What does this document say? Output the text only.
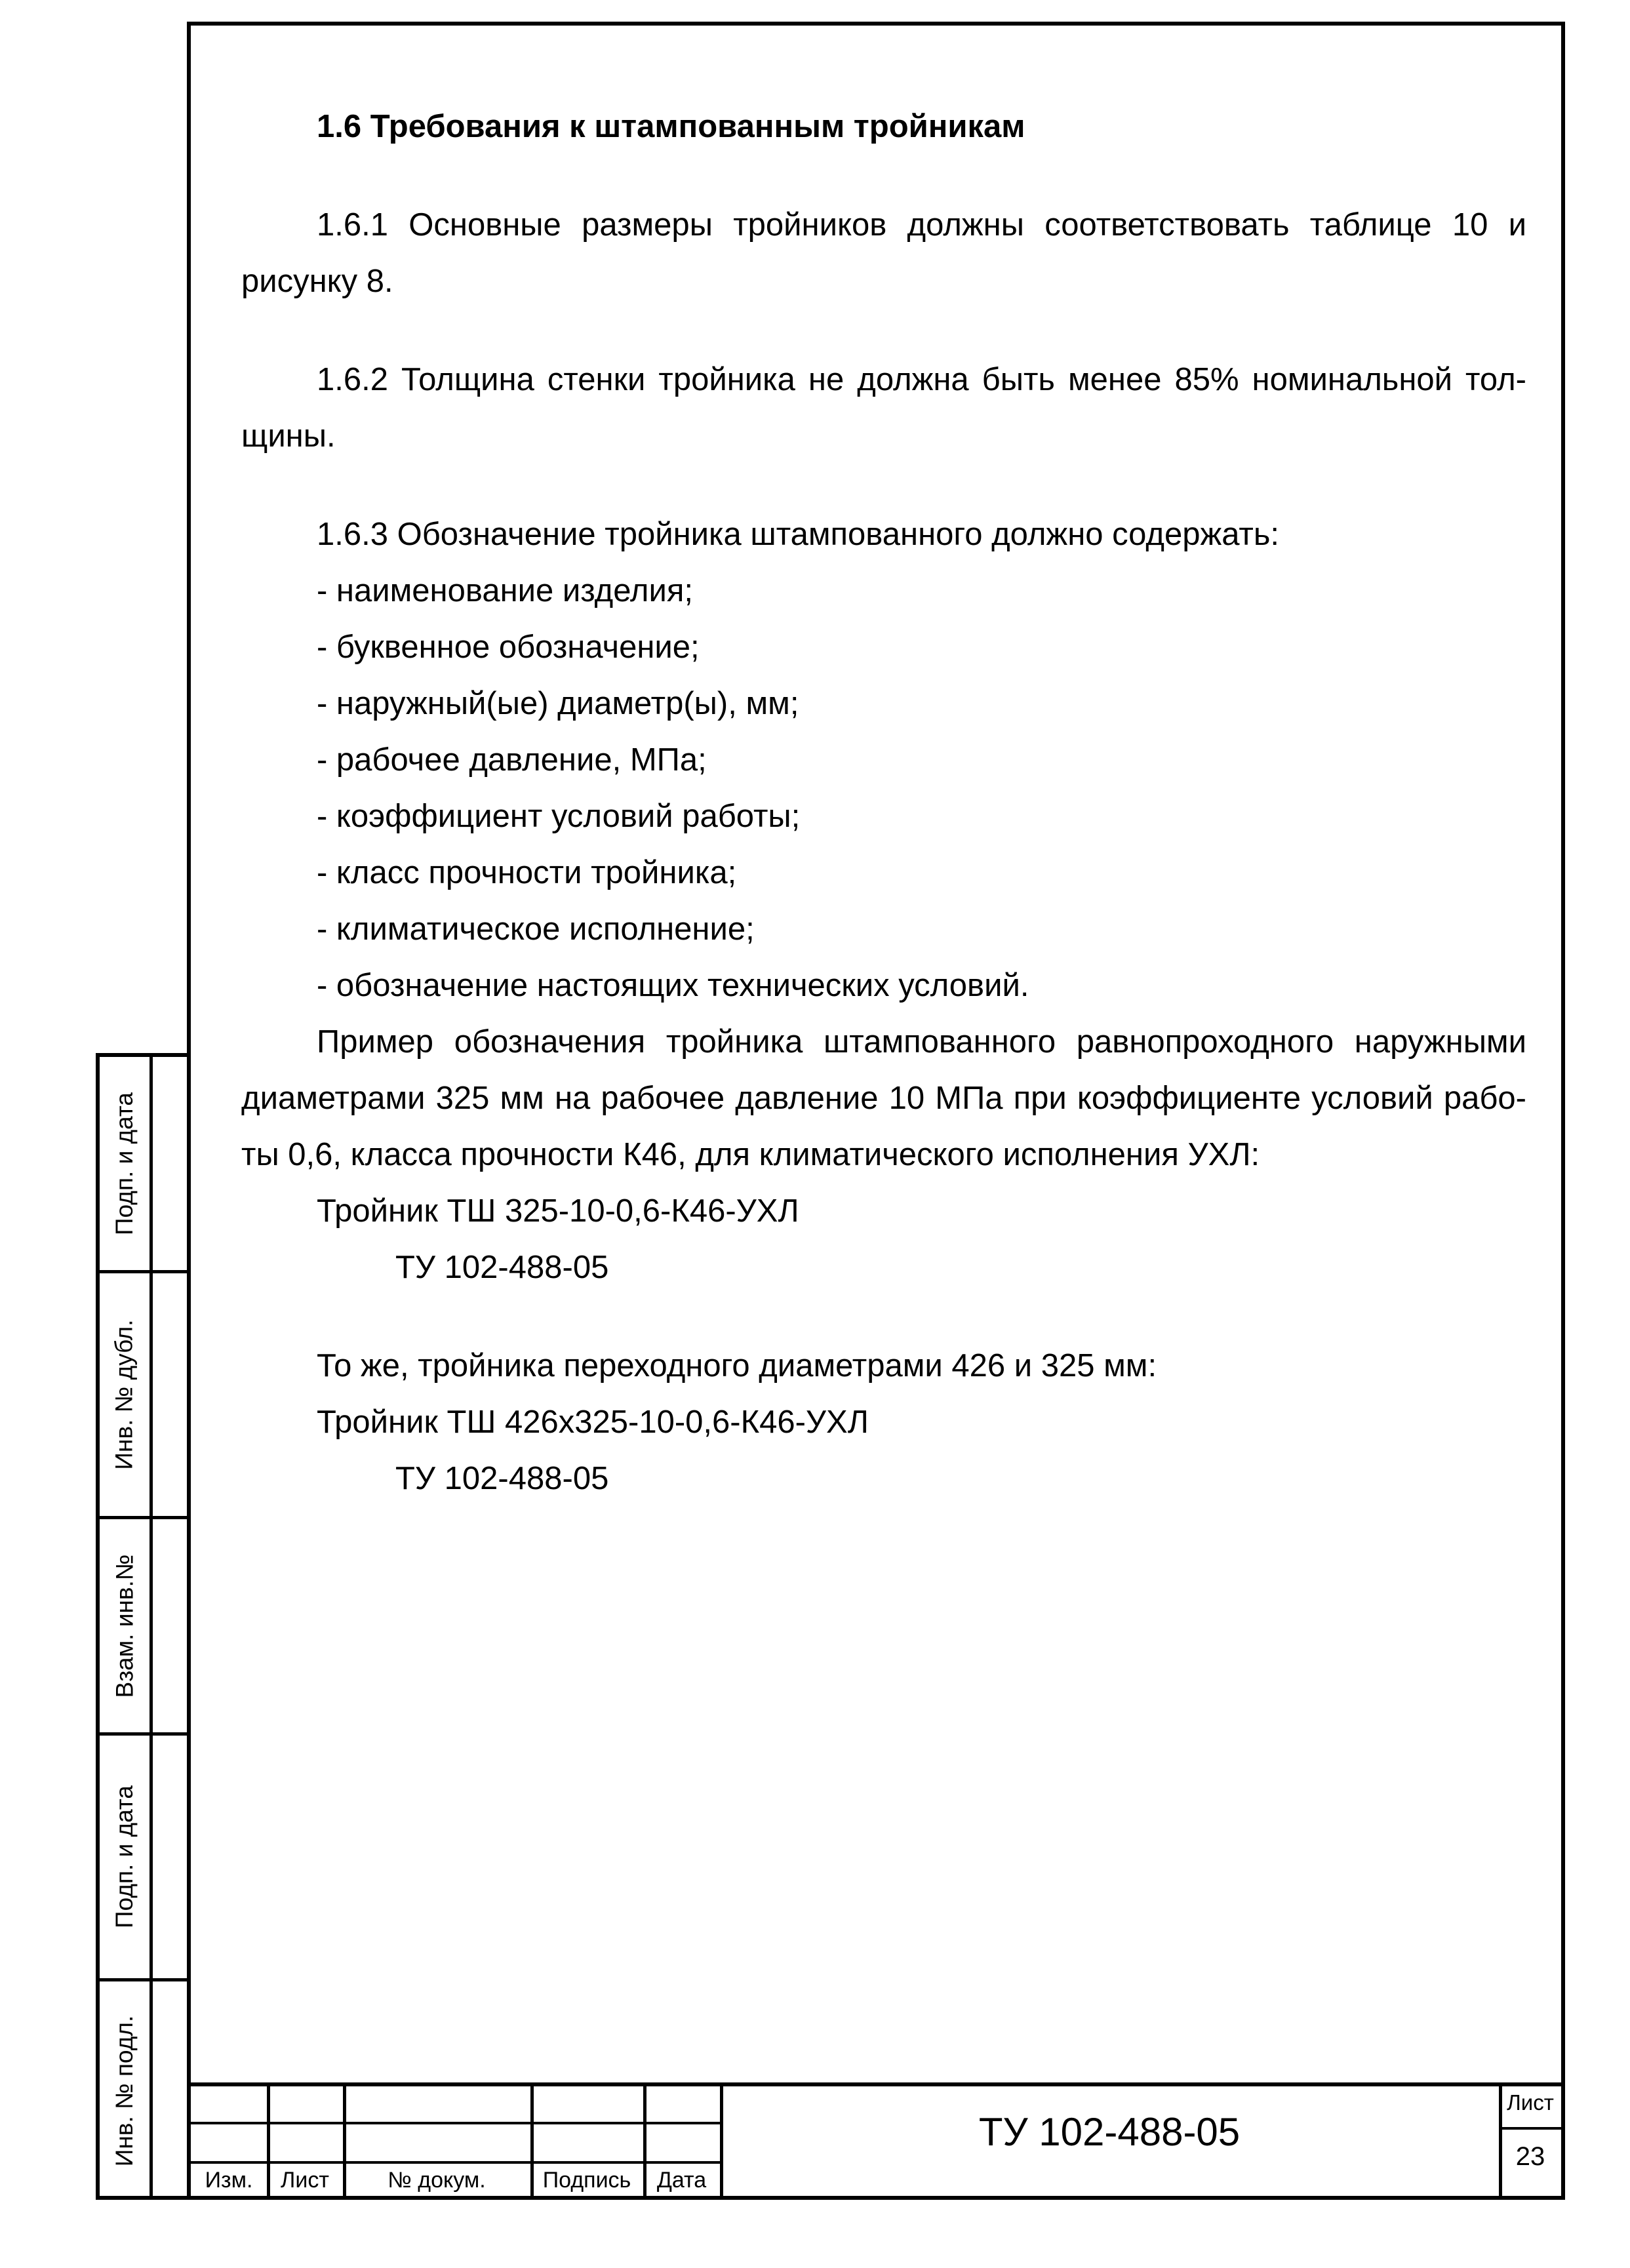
1.6 Требования к штампованным тройникам

1.6.1 Основные размеры тройников должны соответствовать таблице 10 и рисунку 8.

1.6.2 Толщина стенки тройника не должна быть менее 85% номинальной тол-щины.

1.6.3 Обозначение тройника штампованного должно содержать:

- наименование изделия;

- буквенное обозначение;

- наружный(ые) диаметр(ы), мм;

- рабочее давление, МПа;

- коэффициент условий работы;

- класс прочности тройника;

- климатическое исполнение;

- обозначение настоящих технических условий.

Пример обозначения тройника штампованного равнопроходного наружными диаметрами 325 мм на рабочее давление 10 МПа при коэффициенте условий рабо-ты 0,6, класса прочности К46, для климатического исполнения УХЛ:

Тройник ТШ 325-10-0,6-К46-УХЛ

ТУ 102-488-05

То же, тройника переходного диаметрами 426 и 325 мм:

Тройник ТШ 426х325-10-0,6-К46-УХЛ

ТУ 102-488-05

Подп. и дата
Инв. № дубл.
Взам. инв.№
Подп. и дата
Инв. № подл.
Изм.	Лист	№ докум.	Подпись	Дата
ТУ 102-488-05
Лист
23
